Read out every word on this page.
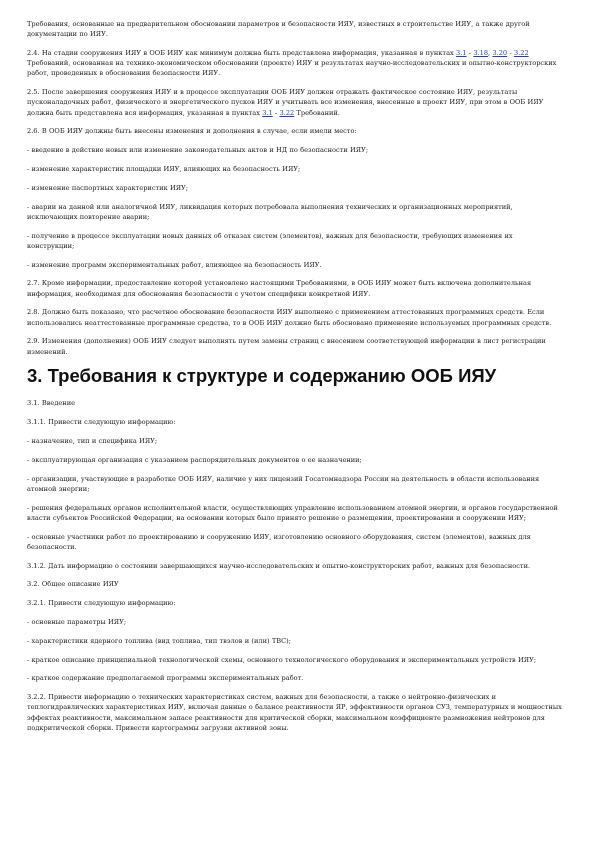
Требования, основанные на предварительном обосновании параметров и безопасности ИЯУ, известных в строительстве ИЯУ, а также другой документации по ИЯУ.

2.4. На стадии сооружения ИЯУ в ООБ ИЯУ как минимум должна быть представлена информация, указанная в пунктах 3.1 - 3.18, 3.20 - 3.22 Требований, основанная на технико-экономическом обосновании (проекте) ИЯУ и результатах научно-исследовательских и опытно-конструкторских работ, проведенных в обосновании безопасности ИЯУ.

2.5. После завершения сооружения ИЯУ и в процессе эксплуатации ООБ ИЯУ должен отражать фактическое состояние ИЯУ, результаты пусконаладочных работ, физического и энергетического пусков ИЯУ и учитывать все изменения, внесенные в проект ИЯУ, при этом в ООБ ИЯУ должна быть представлена вся информация, указанная в пунктах 3.1 - 3.22 Требований.

2.6. В ООБ ИЯУ должны быть внесены изменения и дополнения в случае, если имели место:

- введение в действие новых или изменение законодательных актов и НД по безопасности ИЯУ;

- изменение характеристик площадки ИЯУ, влияющих на безопасность ИЯУ;

- изменение паспортных характеристик ИЯУ;

- аварии на данной или аналогичной ИЯУ, ликвидация которых потребовала выполнения технических и организационных мероприятий, исключающих повторение аварии;

- получение в процессе эксплуатации новых данных об отказах систем (элементов), важных для безопасности, требующих изменения их конструкции;

- изменение программ экспериментальных работ, влияющее на безопасность ИЯУ.

2.7. Кроме информации, предоставление которой установлено настоящими Требованиями, в ООБ ИЯУ может быть включена дополнительная информация, необходимая для обоснования безопасности с учетом специфики конкретной ИЯУ.

2.8. Должно быть показано, что расчетное обоснование безопасности ИЯУ выполнено с применением аттестованных программных средств. Если использовались неаттестованные программные средства, то в ООБ ИЯУ должно быть обосновано применение используемых программных средств.

2.9. Изменения (дополнения) ООБ ИЯУ следует выполнять путем замены страниц с внесением соответствующей информации в лист регистрации изменений.

3. Требования к структуре и содержанию ООБ ИЯУ

3.1. Введение

3.1.1. Привести следующую информацию:

- назначение, тип и специфика ИЯУ;

- эксплуатирующая организация с указанием распорядительных документов о ее назначении;

- организации, участвующие в разработке ООБ ИЯУ, наличие у них лицензий Госатомнадзора России на деятельность в области использования атомной энергии;

- решения федеральных органов исполнительной власти, осуществляющих управление использованием атомной энергии, и органов государственной власти субъектов Российской Федерации, на основании которых было принято решение о размещении, проектировании и сооружении ИЯУ;

- основные участники работ по проектированию и сооружению ИЯУ, изготовлению основного оборудования, систем (элементов), важных для безопасности.

3.1.2. Дать информацию о состоянии завершающихся научно-исследовательских и опытно-конструкторских работ, важных для безопасности.

3.2. Общее описание ИЯУ

3.2.1. Привести следующую информацию:

- основные параметры ИЯУ;

- характеристики ядерного топлива (вид топлива, тип твэлов и (или) ТВС);

- краткое описание принципиальной технологической схемы, основного технологического оборудования и экспериментальных устройств ИЯУ;

- краткое содержание предполагаемой программы экспериментальных работ.

3.2.2. Привести информацию о технических характеристиках систем, важных для безопасности, а также о нейтронно-физических и теплогидравлических характеристиках ИЯУ, включая данные о балансе реактивности ЯР, эффективности органов СУЗ, температурных и мощностных эффектах реактивности, максимальном запасе реактивности для критической сборки, максимальном коэффициенте размножения нейтронов для подкритической сборки. Привести картограммы загрузки активной зоны.
